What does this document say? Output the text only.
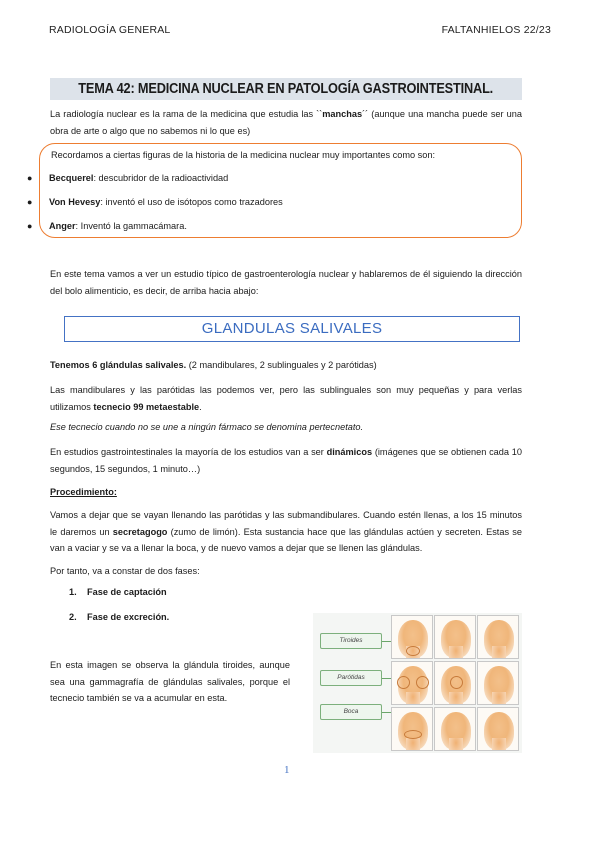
RADIOLOGÍA GENERAL	FALTANHIELOS 22/23
TEMA 42: MEDICINA NUCLEAR EN PATOLOGÍA GASTROINTESTINAL.
La radiología nuclear es la rama de la medicina que estudia las ``manchas´´ (aunque una mancha puede ser una obra de arte o algo que no sabemos ni lo que es)
Recordamos a ciertas figuras de la historia de la medicina nuclear muy importantes como son:
● Becquerel: descubridor de la radioactividad
● Von Hevesy: inventó el uso de isótopos como trazadores
● Anger: Inventó la gammacámara.
En este tema vamos a ver un estudio típico de gastroenterología nuclear y hablaremos de él siguiendo la dirección del bolo alimenticio, es decir, de arriba hacia abajo:
GLANDULAS SALIVALES
Tenemos 6 glándulas salivales. (2 mandibulares, 2 sublinguales y 2 parótidas)
Las mandibulares y las parótidas las podemos ver, pero las sublinguales son muy pequeñas y para verlas utilizamos tecnecio 99 metaestable.
Ese tecnecio cuando no se une a ningún fármaco se denomina pertecnetato.
En estudios gastrointestinales la mayoría de los estudios van a ser dinámicos (imágenes que se obtienen cada 10 segundos, 15 segundos, 1 minuto…)
Procedimiento:
Vamos a dejar que se vayan llenando las parótidas y las submandibulares. Cuando estén llenas, a los 15 minutos le daremos un secretagogo (zumo de limón). Esta sustancia hace que las glándulas actúen y secreten. Estas se van a vaciar y se va a llenar la boca, y de nuevo vamos a dejar que se llenen las glándulas.
Por tanto, va a constar de dos fases:
1. Fase de captación
2. Fase de excreción.
En esta imagen se observa la glándula tiroides, aunque sea una gammagrafía de glándulas salivales, porque el tecnecio también se va a acumular en esta.
Tiroides
Parótidas
Boca
1
